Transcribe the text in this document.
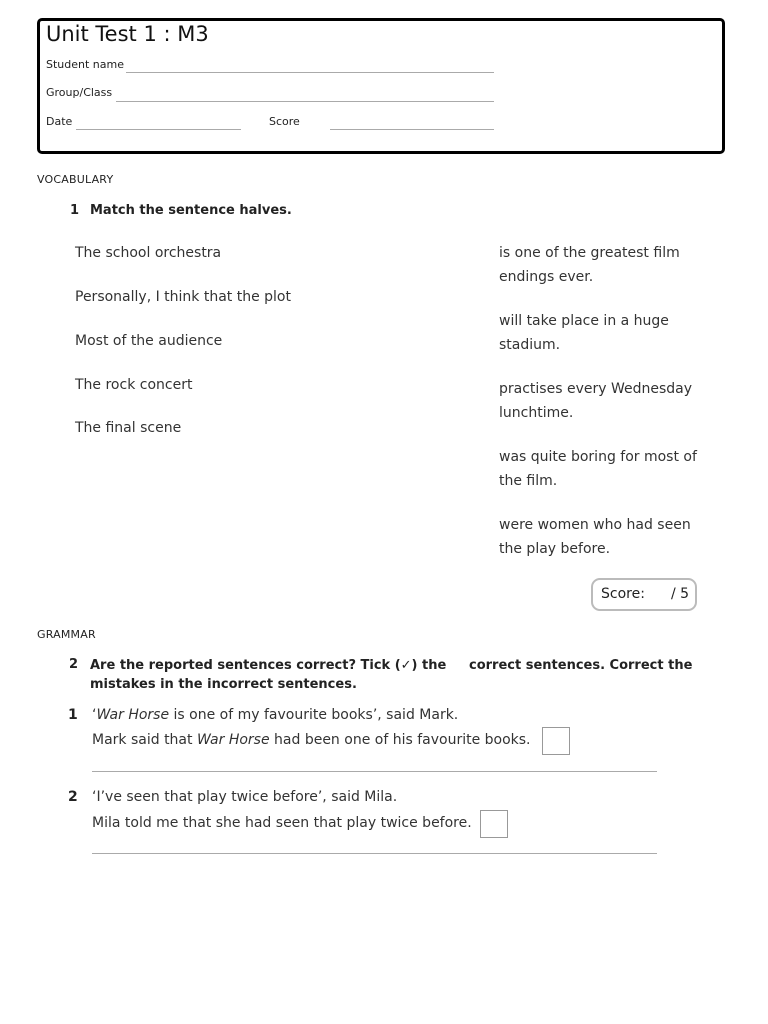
Unit Test 1 : M3
Student name
Group/Class
Date	Score
VOCABULARY
1 Match the sentence halves.
The school orchestra
Personally, I think that the plot
Most of the audience
The rock concert
The final scene
is one of the greatest film endings ever.
will take place in a huge stadium.
practises every Wednesday lunchtime.
was quite boring for most of the film.
were women who had seen the play before.
Score: / 5
GRAMMAR
2 Are the reported sentences correct? Tick (✓) the correct sentences. Correct the
mistakes in the incorrect sentences.
1 ‘War Horse is one of my favourite books’, said Mark.
Mark said that War Horse had been one of his favourite books.
2 ‘I’ve seen that play twice before’, said Mila.
Mila told me that she had seen that play twice before.
